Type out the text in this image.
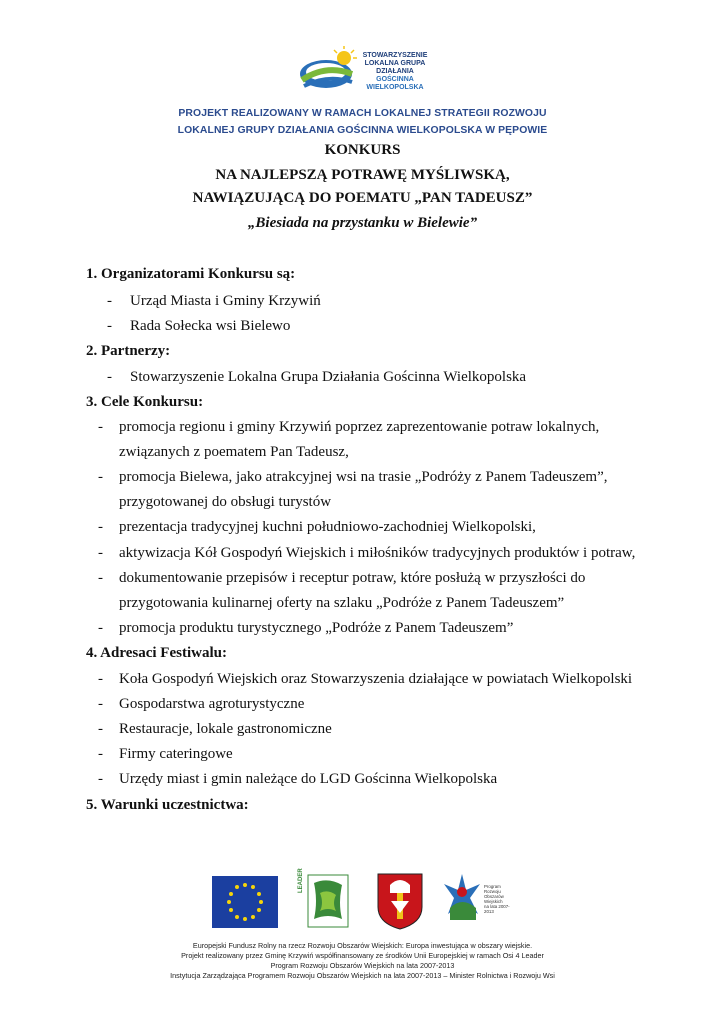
STOWARZYSZENIE
LOKALNA GRUPA DZIAŁANIA
GOŚCINNA
WIELKOPOLSKA
PROJEKT REALIZOWANY W RAMACH LOKALNEJ STRATEGII ROZWOJU
LOKALNEJ GRUPY DZIAŁANIA GOŚCINNA WIELKOPOLSKA W PĘPOWIE
KONKURS
NA NAJLEPSZĄ POTRAWĘ MYŚLIWSKĄ,
NAWIĄZUJĄCĄ DO POEMATU „PAN TADEUSZ”
„Biesiada na przystanku w Bielewie”
1. Organizatorami Konkursu są:
- Urząd Miasta i Gminy Krzywiń
- Rada Sołecka wsi Bielewo
2. Partnerzy:
- Stowarzyszenie Lokalna Grupa Działania Gościnna Wielkopolska
3. Cele Konkursu:
- promocja regionu i gminy Krzywiń poprzez zaprezentowanie potraw lokalnych,
związanych z poematem Pan Tadeusz,
- promocja Bielewa, jako atrakcyjnej wsi na trasie „Podróży z Panem Tadeuszem”,
przygotowanej do obsługi turystów
- prezentacja tradycyjnej kuchni południowo-zachodniej Wielkopolski,
- aktywizacja Kół Gospodyń Wiejskich i miłośników tradycyjnych produktów i potraw,
- dokumentowanie przepisów i receptur potraw, które posłużą w przyszłości do
przygotowania kulinarnej oferty na szlaku „Podróże z Panem Tadeuszem”
- promocja produktu turystycznego „Podróże z Panem Tadeuszem”
4. Adresaci Festiwalu:
- Koła Gospodyń Wiejskich oraz Stowarzyszenia działające w powiatach Wielkopolski
- Gospodarstwa agroturystyczne
- Restauracje, lokale gastronomiczne
- Firmy cateringowe
- Urzędy miast i gmin należące do LGD Gościnna Wielkopolska
5. Warunki uczestnictwa:
LEADER	Program
Rozwoju
Obszarów
Wiejskich
na lata 2007-2013
Europejski Fundusz Rolny na rzecz Rozwoju Obszarów Wiejskich: Europa inwestująca w obszary wiejskie.
Projekt realizowany przez Gminę Krzywiń współfinansowany ze środków Unii Europejskiej w ramach Osi 4 Leader
Program Rozwoju Obszarów Wiejskich na lata 2007-2013
Instytucja Zarządzająca Programem Rozwoju Obszarów Wiejskich na lata 2007-2013 – Minister Rolnictwa i Rozwoju Wsi
